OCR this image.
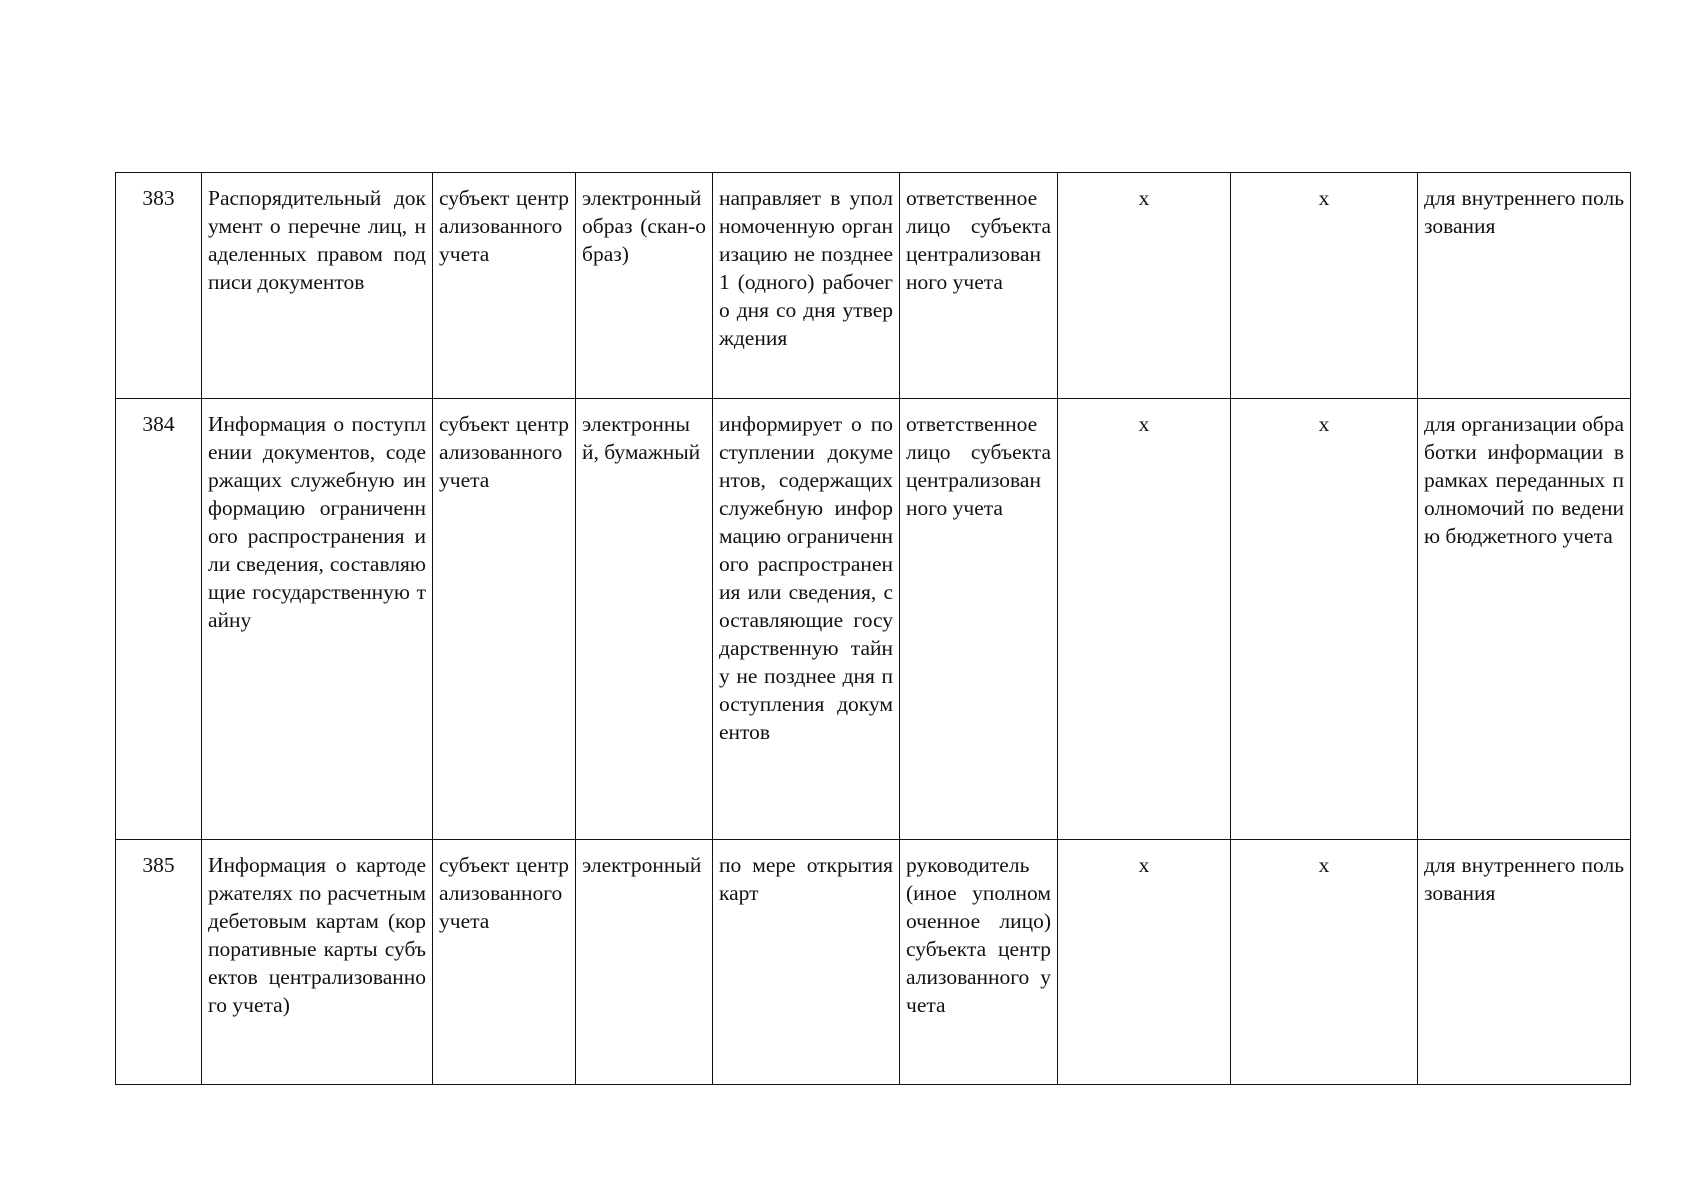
383	Распорядительный документ о перечне лиц, наделенных правом подписи документов	субъект централизованного учета	электронный образ (скан-образ)	направляет в уполномоченную организацию не позднее 1 (одного) рабочего дня со дня утверждения	ответственное лицо субъекта централизованного учета	x	x	для внутреннего пользования
384	Информация о поступлении документов, содержащих служебную информацию ограниченного распространения или сведения, составляющие государственную тайну	субъект централизованного учета	электронный, бумажный	информирует о поступлении документов, содержащих служебную информацию ограниченного распространения или сведения, составляющие государственную тайну не позднее дня поступления документов	ответственное лицо субъекта централизованного учета	x	x	для организации обработки информации в рамках переданных полномочий по ведению бюджетного учета
385	Информация о картодержателях по расчетным дебетовым картам (корпоративные карты субъектов централизованного учета)	субъект централизованного учета	электронный	по мере открытия карт	руководитель (иное уполномоченное лицо) субъекта централизованного учета	x	x	для внутреннего пользования
